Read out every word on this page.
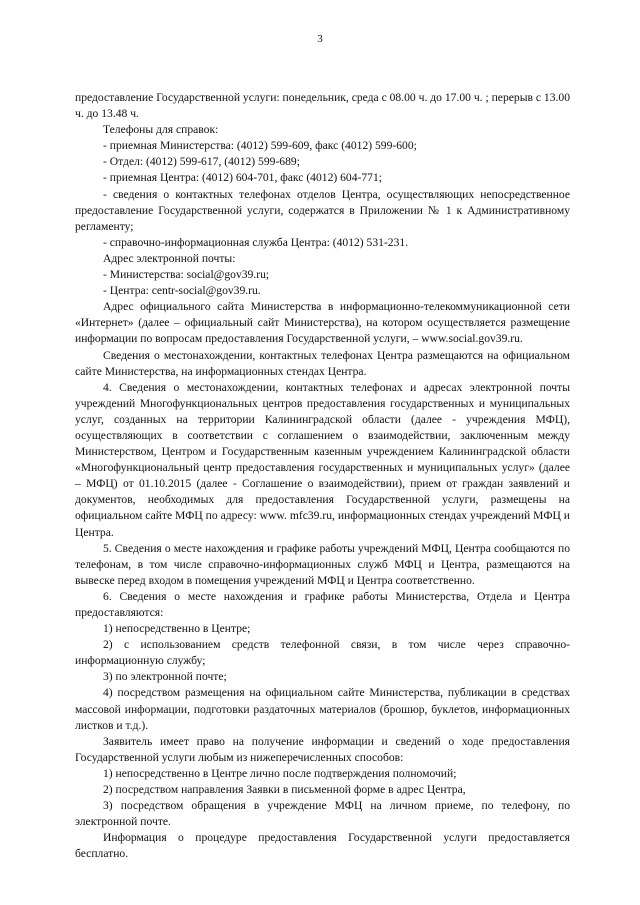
3

предоставление Государственной услуги: понедельник, среда с 08.00 ч. до 17.00 ч. ; перерыв с 13.00 ч. до 13.48 ч.

Телефоны для справок:

- приемная Министерства: (4012) 599-609, факс (4012) 599-600;

- Отдел: (4012) 599-617, (4012) 599-689;

- приемная Центра: (4012) 604-701, факс (4012) 604-771;

- сведения о контактных телефонах отделов Центра, осуществляющих непосредственное предоставление Государственной услуги, содержатся в Приложении № 1 к Административному регламенту;

- справочно-информационная служба Центра: (4012) 531-231.

Адрес электронной почты:

- Министерства: social@gov39.ru;

- Центра: centr-social@gov39.ru.

Адрес официального сайта Министерства в информационно-телекоммуникационной сети «Интернет» (далее – официальный сайт Министерства), на котором осуществляется размещение информации по вопросам предоставления Государственной услуги, – www.social.gov39.ru.

Сведения о местонахождении, контактных телефонах Центра размещаются на официальном сайте Министерства, на информационных стендах Центра.

4. Сведения о местонахождении, контактных телефонах и адресах электронной почты учреждений Многофункциональных центров предоставления государственных и муниципальных услуг, созданных на территории Калининградской области (далее - учреждения МФЦ), осуществляющих в соответствии с соглашением о взаимодействии, заключенным между Министерством, Центром и Государственным казенным учреждением Калининградской области «Многофункциональный центр предоставления государственных и муниципальных услуг» (далее – МФЦ) от 01.10.2015 (далее - Соглашение о взаимодействии), прием от граждан заявлений и документов, необходимых для предоставления Государственной услуги, размещены на официальном сайте МФЦ по адресу: www. mfc39.ru, информационных стендах учреждений МФЦ и Центра.

5. Сведения о месте нахождения и графике работы учреждений МФЦ, Центра сообщаются по телефонам, в том числе справочно-информационных служб МФЦ и Центра, размещаются на вывеске перед входом в помещения учреждений МФЦ и Центра соответственно.

6. Сведения о месте нахождения и графике работы Министерства, Отдела и Центра предоставляются:

1) непосредственно в Центре;

2) с использованием средств телефонной связи, в том числе через справочно-информационную службу;

3) по электронной почте;

4) посредством размещения на официальном сайте Министерства, публикации в средствах массовой информации, подготовки раздаточных материалов (брошюр, буклетов, информационных листков и т.д.).

Заявитель имеет право на получение информации и сведений о ходе предоставления Государственной услуги любым из нижеперечисленных способов:

1) непосредственно в Центре лично после подтверждения полномочий;

2) посредством направления Заявки в письменной форме в адрес Центра,

3) посредством обращения в учреждение МФЦ на личном приеме, по телефону, по электронной почте.

Информация о процедуре предоставления Государственной услуги предоставляется бесплатно.
